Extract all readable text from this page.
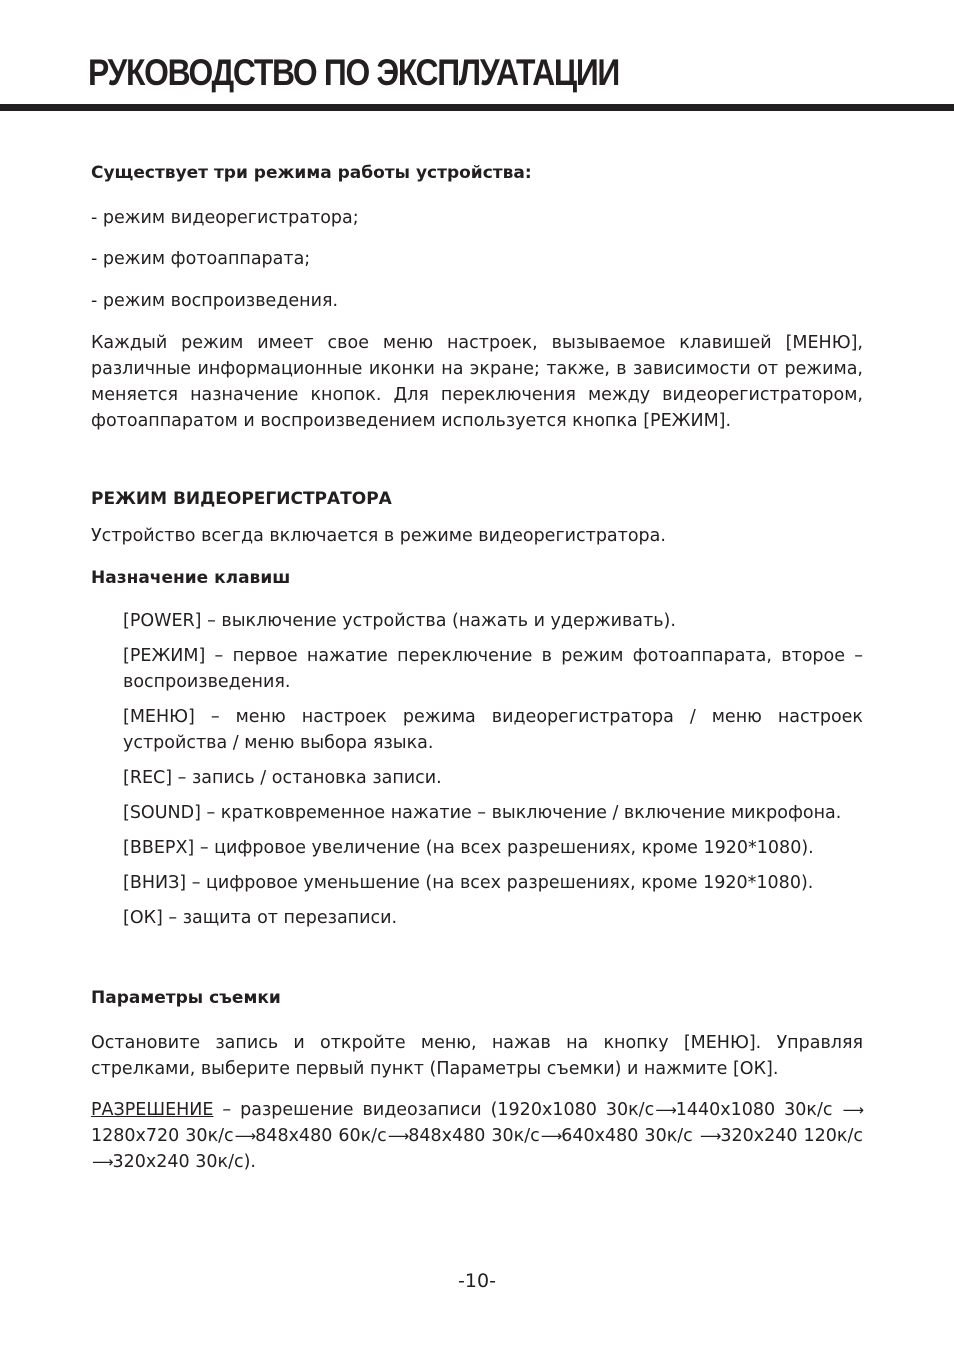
РУКОВОДСТВО ПО ЭКСПЛУАТАЦИИ

Существует три режима работы устройства:

- режим видеорегистратора;

- режим фотоаппарата;

- режим воспроизведения.

Каждый режим имеет свое меню настроек, вызываемое клавишей [МЕНЮ], различные информационные иконки на экране; также, в зависимости от режима, меняется назначение кнопок. Для переключения между видеорегистратором, фотоаппаратом и воспроизведением используется кнопка [РЕЖИМ].

РЕЖИМ ВИДЕОРЕГИСТРАТОРА

Устройство всегда включается в режиме видеорегистратора.

Назначение клавиш

[POWER] – выключение устройства (нажать и удерживать).

[РЕЖИМ] – первое нажатие переключение в режим фотоаппарата, второе – воспроизведения.

[МЕНЮ] – меню настроек режима видеорегистратора / меню настроек устройства / меню выбора языка.

[REC] – запись / остановка записи.

[SOUND] – кратковременное нажатие – выключение / включение микрофона.

[ВВЕРХ] – цифровое увеличение (на всех разрешениях, кроме 1920*1080).

[ВНИЗ] – цифровое уменьшение (на всех разрешениях, кроме 1920*1080).

[ОК] – защита от перезаписи.

Параметры съемки

Остановите запись и откройте меню, нажав на кнопку [МЕНЮ]. Управляя стрелками, выберите первый пункт (Параметры съемки) и нажмите [ОК].

РАЗРЕШЕНИЕ – разрешение видеозаписи (1920х1080 30к/с⟶1440х1080 30к/с ⟶1280х720 30к/с⟶848х480 60к/с⟶848х480 30к/с⟶640х480 30к/с ⟶320х240 120к/с⟶320х240 30к/с).

-10-
